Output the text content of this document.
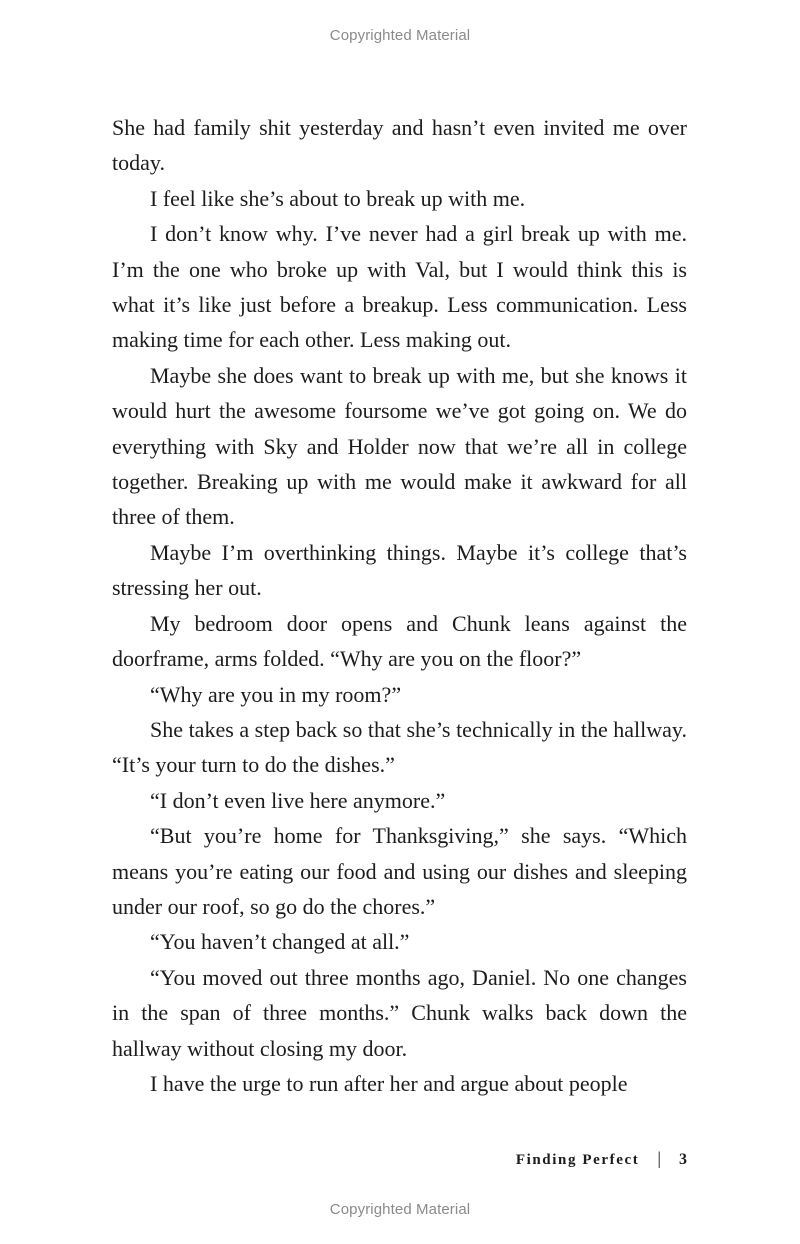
Copyrighted Material

She had family shit yesterday and hasn’t even invited me over today.

I feel like she’s about to break up with me.

I don’t know why. I’ve never had a girl break up with me. I’m the one who broke up with Val, but I would think this is what it’s like just before a breakup. Less communication. Less making time for each other. Less making out.

Maybe she does want to break up with me, but she knows it would hurt the awesome foursome we’ve got going on. We do everything with Sky and Holder now that we’re all in college together. Breaking up with me would make it awkward for all three of them.

Maybe I’m overthinking things. Maybe it’s college that’s stressing her out.

My bedroom door opens and Chunk leans against the doorframe, arms folded. “Why are you on the floor?”

“Why are you in my room?”

She takes a step back so that she’s technically in the hallway. “It’s your turn to do the dishes.”

“I don’t even live here anymore.”

“But you’re home for Thanksgiving,” she says. “Which means you’re eating our food and using our dishes and sleeping under our roof, so go do the chores.”

“You haven’t changed at all.”

“You moved out three months ago, Daniel. No one changes in the span of three months.” Chunk walks back down the hallway without closing my door.

I have the urge to run after her and argue about people

Finding Perfect | 3
Copyrighted Material
